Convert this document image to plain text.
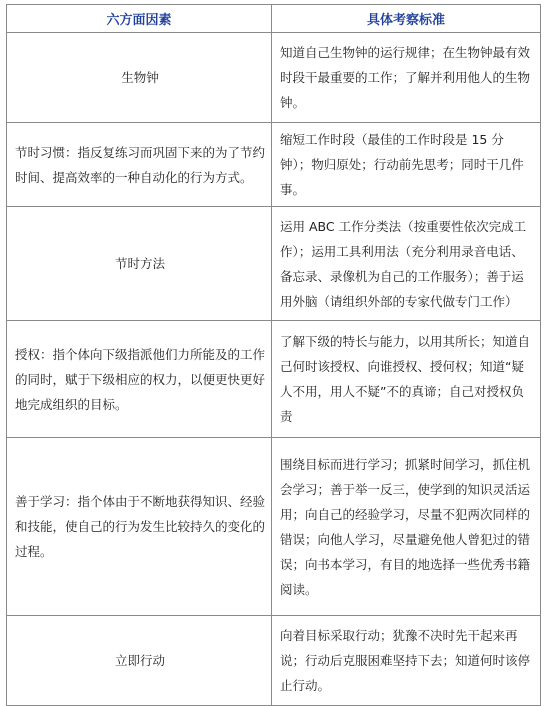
六方面因素	具体考察标准

生物钟	知道自己生物钟的运行规律；在生物钟最有效时段干最重要的工作；了解并利用他人的生物钟。

节时习惯：指反复练习而巩固下来的为了节约时间、提高效率的一种自动化的行为方式。	缩短工作时段（最佳的工作时段是 15 分钟）；物归原处；行动前先思考；同时干几件事。

节时方法	运用 ABC 工作分类法（按重要性依次完成工作）；运用工具利用法（充分利用录音电话、备忘录、录像机为自己的工作服务）；善于运用外脑（请组织外部的专家代做专门工作）

授权：指个体向下级指派他们力所能及的工作的同时，赋于下级相应的权力，以便更快更好地完成组织的目标。	了解下级的特长与能力，以用其所长；知道自己何时该授权、向谁授权、授何权；知道“疑人不用，用人不疑”不的真谛；自己对授权负责

善于学习：指个体由于不断地获得知识、经验和技能，使自己的行为发生比较持久的变化的过程。	围绕目标而进行学习；抓紧时间学习，抓住机会学习；善于举一反三，使学到的知识灵活运用；向自己的经验学习，尽量不犯两次同样的错误；向他人学习，尽量避免他人曾犯过的错误；向书本学习，有目的地选择一些优秀书籍阅读。

立即行动	向着目标采取行动；犹豫不决时先干起来再说；行动后克服困难坚持下去；知道何时该停止行动。
